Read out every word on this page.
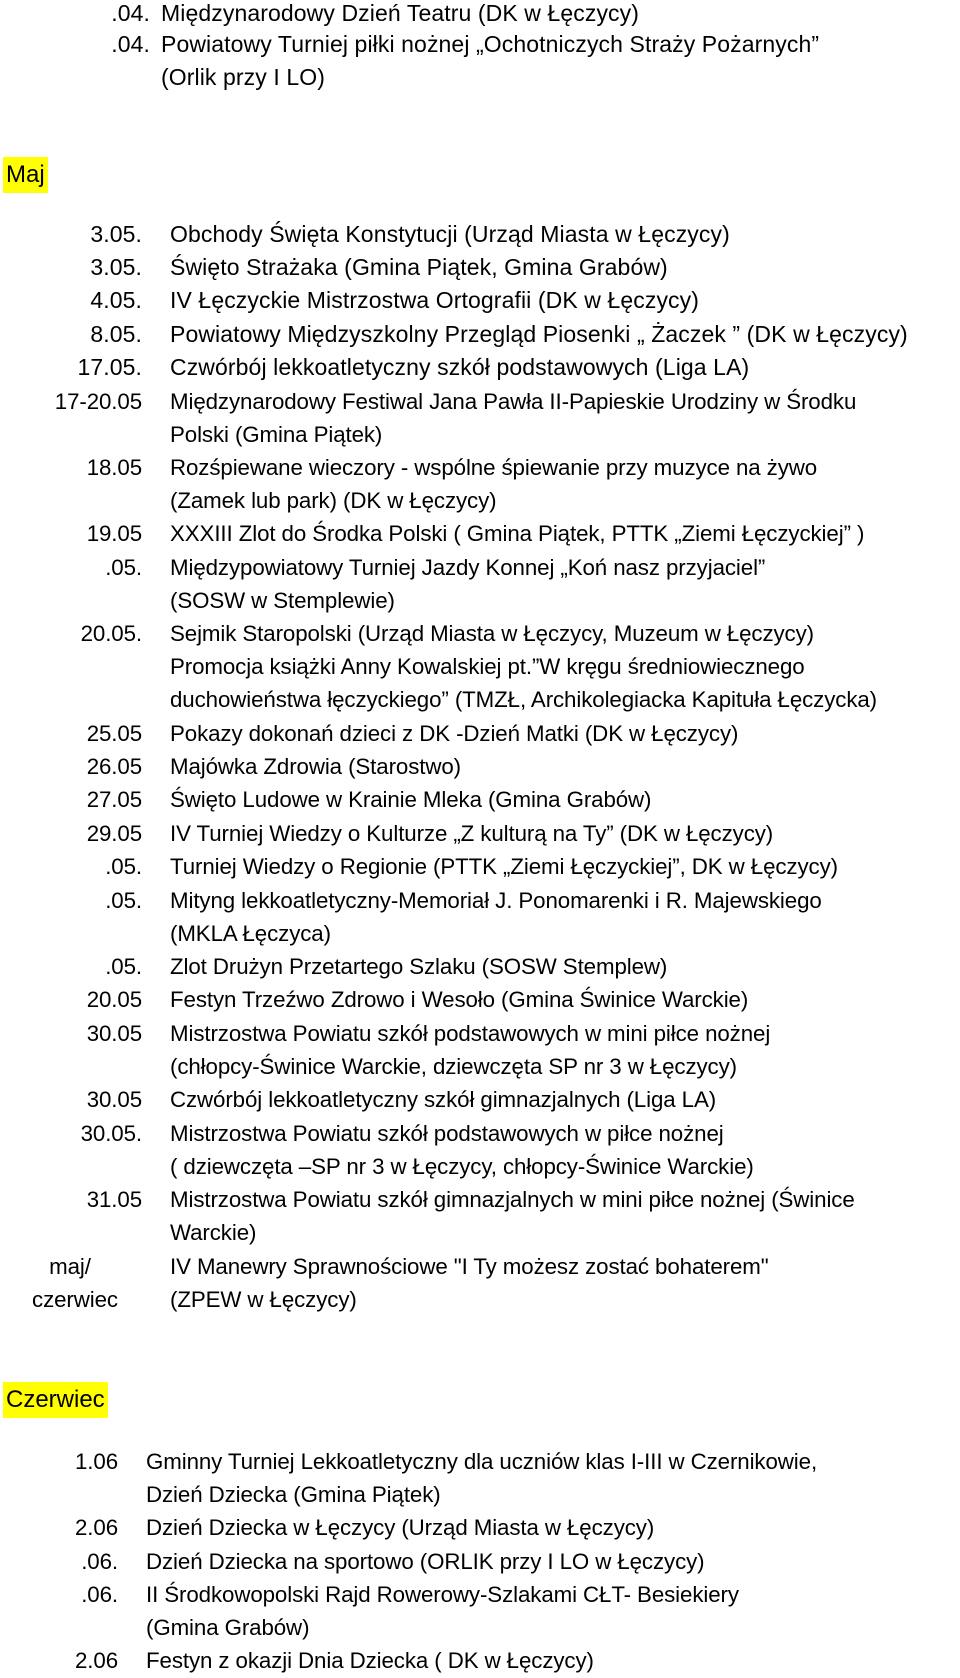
.04. Międzynarodowy Dzień Teatru (DK w Łęczycy)
.04. Powiatowy Turniej piłki nożnej „Ochotniczych Straży Pożarnych”
(Orlik przy I LO)
Maj
3.05. Obchody Święta Konstytucji (Urząd Miasta w Łęczycy)
3.05. Święto Strażaka (Gmina Piątek, Gmina Grabów)
4.05. IV Łęczyckie Mistrzostwa Ortografii (DK w Łęczycy)
8.05. Powiatowy Międzyszkolny Przegląd Piosenki „ Żaczek ” (DK w Łęczycy)
17.05. Czwórbój lekkoatletyczny szkół podstawowych (Liga LA)
17-20.05 Międzynarodowy Festiwal Jana Pawła II-Papieskie Urodziny w Środku
Polski (Gmina Piątek)
18.05 Rozśpiewane wieczory - wspólne śpiewanie przy muzyce na żywo
(Zamek lub park) (DK w Łęczycy)
19.05 XXXIII Zlot do Środka Polski ( Gmina Piątek, PTTK „Ziemi Łęczyckiej” )
.05. Międzypowiatowy Turniej Jazdy Konnej „Koń nasz przyjaciel”
(SOSW w Stemplewie)
20.05. Sejmik Staropolski (Urząd Miasta w Łęczycy, Muzeum w Łęczycy)
Promocja książki Anny Kowalskiej pt.”W kręgu średniowiecznego
duchowieństwa łęczyckiego” (TMZŁ, Archikolegiacka Kapituła Łęczycka)
25.05 Pokazy dokonań dzieci z DK -Dzień Matki (DK w Łęczycy)
26.05 Majówka Zdrowia (Starostwo)
27.05 Święto Ludowe w Krainie Mleka (Gmina Grabów)
29.05 IV Turniej Wiedzy o Kulturze „Z kulturą na Ty” (DK w Łęczycy)
.05. Turniej Wiedzy o Regionie (PTTK „Ziemi Łęczyckiej”, DK w Łęczycy)
.05. Mityng lekkoatletyczny-Memoriał J. Ponomarenki i R. Majewskiego
(MKLA Łęczyca)
.05. Zlot Drużyn Przetartego Szlaku (SOSW Stemplew)
20.05 Festyn Trzeźwo Zdrowo i Wesoło (Gmina Świnice Warckie)
30.05 Mistrzostwa Powiatu szkół podstawowych w mini piłce nożnej
(chłopcy-Świnice Warckie, dziewczęta SP nr 3 w Łęczycy)
30.05 Czwórbój lekkoatletyczny szkół gimnazjalnych (Liga LA)
30.05. Mistrzostwa Powiatu szkół podstawowych w piłce nożnej
( dziewczęta –SP nr 3 w Łęczycy, chłopcy-Świnice Warckie)
31.05 Mistrzostwa Powiatu szkół gimnazjalnych w mini piłce nożnej (Świnice
Warckie)
maj/
czerwiec
IV Manewry Sprawnościowe "I Ty możesz zostać bohaterem"
(ZPEW w Łęczycy)
Czerwiec
1.06 Gminny Turniej Lekkoatletyczny dla uczniów klas I-III w Czernikowie,
Dzień Dziecka (Gmina Piątek)
2.06 Dzień Dziecka w Łęczycy (Urząd Miasta w Łęczycy)
.06. Dzień Dziecka na sportowo (ORLIK przy I LO w Łęczycy)
.06. II Środkowopolski Rajd Rowerowy-Szlakami CŁT- Besiekiery
(Gmina Grabów)
2.06 Festyn z okazji Dnia Dziecka ( DK w Łęczycy)
